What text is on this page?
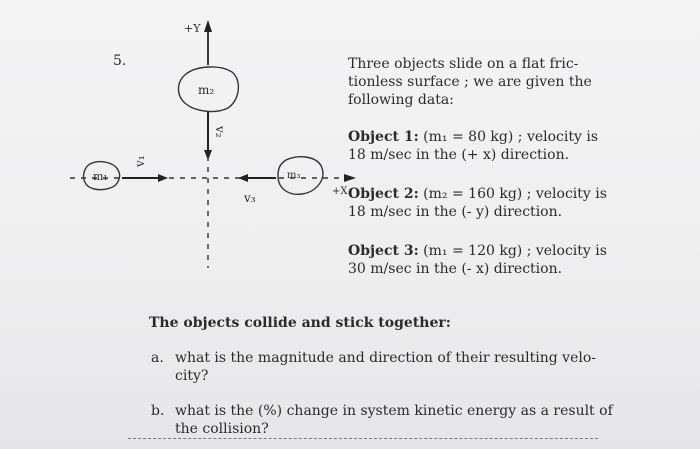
5.
+Y
+X
m₁
v₁
m₂
v₂
m₃
v₃
Three objects slide on a flat fric-
tionless surface ; we are given the
following data:
Object 1: (m₁ = 80 kg) ; velocity is
18 m/sec in the (+ x) direction.
Object 2: (m₂ = 160 kg) ; velocity is
18 m/sec in the (- y) direction.
Object 3: (m₁ = 120 kg) ; velocity is
30 m/sec in the (- x) direction.
The objects collide and stick together:
a. what is the magnitude and direction of their resulting velo-
city?
b. what is the (%) change in system kinetic energy as a result of
the collision?
